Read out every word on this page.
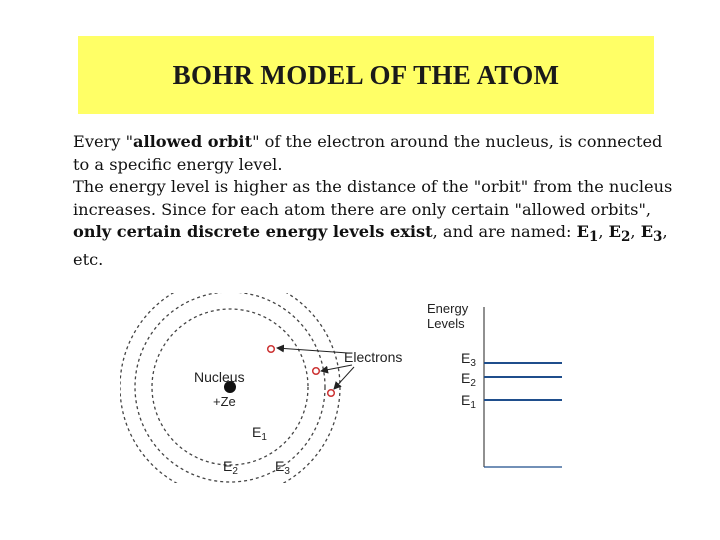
BOHR MODEL OF THE ATOM

Every "allowed orbit" of the electron around the nucleus, is connected to a specific energy level.

The energy level is higher as the distance of the "orbit" from the nucleus increases. Since for each atom there are only certain "allowed orbits", only certain discrete energy levels exist, and are named: $E_1$, $E_2$, $E_3$, etc.

Nucleus
+Ze
Electrons
$E_1$
$E_2$	$E_3$
Energy
Levels
$E_3$
$E_2$
$E_1$
